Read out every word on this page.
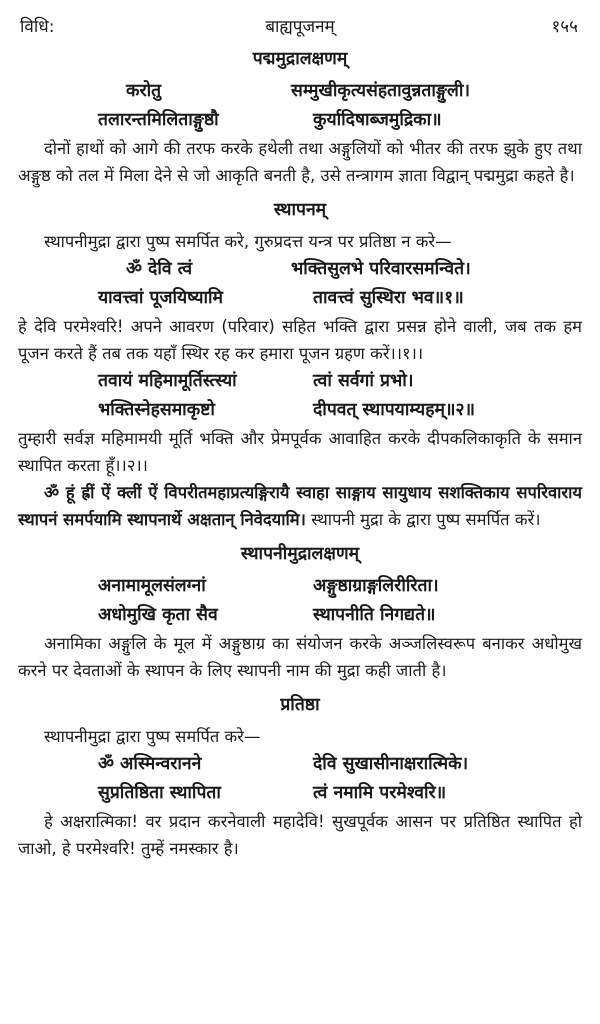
विधि:	बाह्यपूजनम्	१५५
पद्ममुद्रालक्षणम्
करोतु	सम्मुखीकृत्यसंहतावुन्नताङ्गुली।
तलारन्तमिलिताङ्गुष्ठौ	कुर्यादिषाब्जमुद्रिका॥

दोनों हाथों को आगे की तरफ करके हथेली तथा अङ्गुलियों को भीतर की तरफ झुके हुए तथा अङ्गुष्ठ को तल में मिला देने से जो आकृति बनती है, उसे तन्त्रागम ज्ञाता विद्वान् पद्ममुद्रा कहते है।

स्थापनम्

स्थापनीमुद्रा द्वारा पुष्प समर्पित करे, गुरुप्रदत्त यन्त्र पर प्रतिष्ठा न करे—

ॐ देवि त्वं	भक्तिसुलभे परिवारसमन्विते।
यावत्त्वां पूजयिष्यामि	तावत्त्वं सुस्थिरा भव॥१॥

हे देवि परमेश्वरि! अपने आवरण (परिवार) सहित भक्ति द्वारा प्रसन्न होने वाली, जब तक हम पूजन करते हैं तब तक यहाँ स्थिर रह कर हमारा पूजन ग्रहण करें।।१।।

तवायं महिमामूर्तिस्त्स्यां	त्वां सर्वगां प्रभो।
भक्तिस्नेहसमाकृष्टो	दीपवत् स्थापयाम्यहम्॥२॥

तुम्हारी सर्वज्ञ महिमामयी मूर्ति भक्ति और प्रेमपूर्वक आवाहित करके दीपकलिकाकृति के समान स्थापित करता हूँ।।२।।

ॐ हूं ह्रीं ऐं क्लीं ऐं विपरीतमहाप्रत्यङ्गिरायै स्वाहा साङ्गाय सायुधाय सशक्तिकाय सपरिवाराय स्थापनं समर्पयामि स्थापनार्थे अक्षतान् निवेदयामि। स्थापनी मुद्रा के द्वारा पुष्प समर्पित करें।

स्थापनीमुद्रालक्षणम्
अनामामूलसंलग्नां	अङ्गुष्ठाग्राङ्गलिरीरिता।
अधोमुखि कृता सैव	स्थापनीति निगद्यते॥

अनामिका अङ्गुलि के मूल में अङ्गुष्ठाग्र का संयोजन करके अञ्जलिस्वरूप बनाकर अधोमुख करने पर देवताओं के स्थापन के लिए स्थापनी नाम की मुद्रा कही जाती है।

प्रतिष्ठा

स्थापनीमुद्रा द्वारा पुष्प समर्पित करे—

ॐ अस्मिन्वरानने	देवि सुखासीनाक्षरात्मिके।
सुप्रतिष्ठिता स्थापिता	त्वं नमामि परमेश्वरि॥

हे अक्षरात्मिका! वर प्रदान करनेवाली महादेवि! सुखपूर्वक आसन पर प्रतिष्ठित स्थापित हो जाओ, हे परमेश्वरि! तुम्हें नमस्कार है।
